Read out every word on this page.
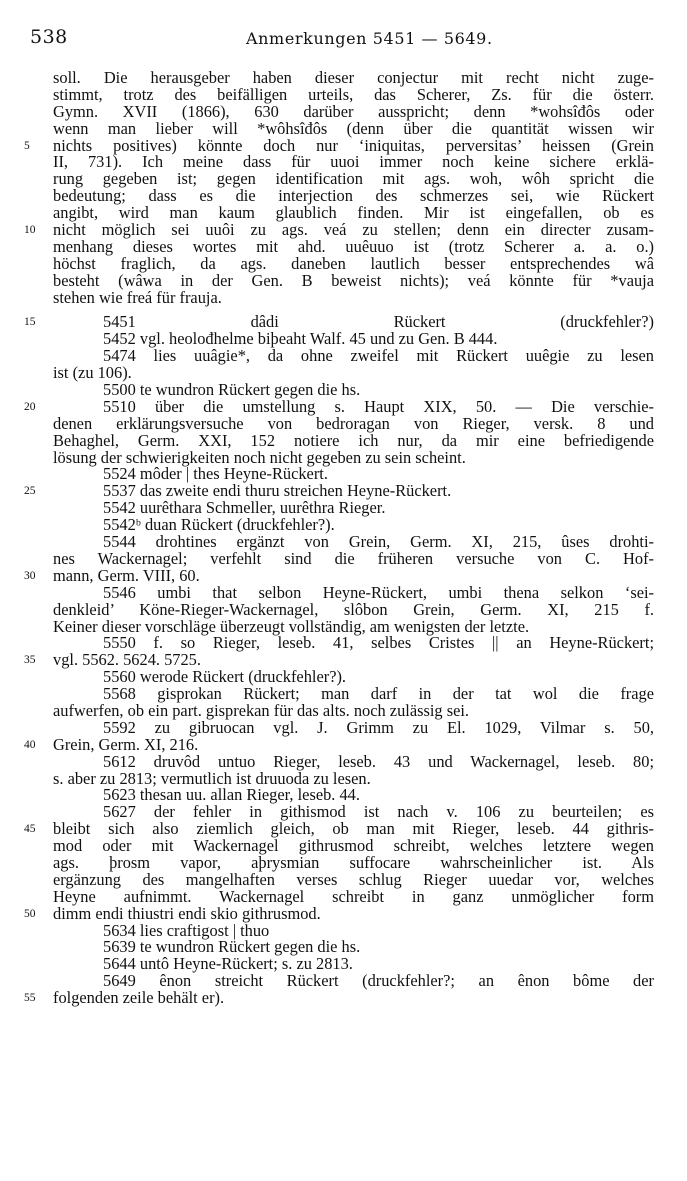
538	Anmerkungen 5451 — 5649.
soll. Die herausgeber haben dieser conjectur mit recht nicht zuge-
stimmt, trotz des beifälligen urteils, das Scherer, Zs. für die österr.
Gymn. XVII (1866), 630 darüber ausspricht; denn *wohsîđôs oder
wenn man lieber will *wôhsîđôs (denn über die quantität wissen wir
5	nichts positives) könnte doch nur ‘iniquitas, perversitas’ heissen (Grein
II, 731). Ich meine dass für uuoi immer noch keine sichere erklä-
rung gegeben ist; gegen identification mit ags. woh, wôh spricht die
bedeutung; dass es die interjection des schmerzes sei, wie Rückert
angibt, wird man kaum glaublich finden. Mir ist eingefallen, ob es
10	nicht möglich sei uuôi zu ags. veá zu stellen; denn ein directer zusam-
menhang dieses wortes mit ahd. uuêuuo ist (trotz Scherer a. a. o.)
höchst fraglich, da ags. daneben lautlich besser entsprechendes wâ
besteht (wâwa in der Gen. B beweist nichts); veá könnte für *vauja
stehen wie freá für frauja.
15	5451 dâdi Rückert (druckfehler?)
5452 vgl. heolođhelme biþeaht Walf. 45 und zu Gen. B 444.
5474 lies uuâgie*, da ohne zweifel mit Rückert uuêgie zu lesen
ist (zu 106).
5500 te wundron Rückert gegen die hs.
20	5510 über die umstellung s. Haupt XIX, 50. — Die verschie-
denen erklärungsversuche von bedroragan von Rieger, versk. 8 und
Behaghel, Germ. XXI, 152 notiere ich nur, da mir eine befriedigende
lösung der schwierigkeiten noch nicht gegeben zu sein scheint.
5524 môder | thes Heyne-Rückert.
25	5537 das zweite endi thuru streichen Heyne-Rückert.
5542 uurêthara Schmeller, uurêthra Rieger.
5542ᵇ duan Rückert (druckfehler?).
5544 drohtines ergänzt von Grein, Germ. XI, 215, ûses drohti-
nes Wackernagel; verfehlt sind die früheren versuche von C. Hof-
30	mann, Germ. VIII, 60.
5546 umbi that selbon Heyne-Rückert, umbi thena selkon ‘sei-
denkleid’ Köne-Rieger-Wackernagel, slôbon Grein, Germ. XI, 215 f.
Keiner dieser vorschläge überzeugt vollständig, am wenigsten der letzte.
5550 f. so Rieger, leseb. 41, selbes Cristes || an Heyne-Rückert;
35	vgl. 5562. 5624. 5725.
5560 werode Rückert (druckfehler?).
5568 gisprokan Rückert; man darf in der tat wol die frage
aufwerfen, ob ein part. gisprekan für das alts. noch zulässig sei.
5592 zu gibruocan vgl. J. Grimm zu El. 1029, Vilmar s. 50,
40	Grein, Germ. XI, 216.
5612 druvôd untuo Rieger, leseb. 43 und Wackernagel, leseb. 80;
s. aber zu 2813; vermutlich ist druuoda zu lesen.
5623 thesan uu. allan Rieger, leseb. 44.
5627 der fehler in githismod ist nach v. 106 zu beurteilen; es
45	bleibt sich also ziemlich gleich, ob man mit Rieger, leseb. 44 githris-
mod oder mit Wackernagel githrusmod schreibt, welches letztere wegen
ags. þrosm vapor, aþrysmian suffocare wahrscheinlicher ist. Als
ergänzung des mangelhaften verses schlug Rieger uuedar vor, welches
Heyne aufnimmt. Wackernagel schreibt in ganz unmöglicher form
50	dimm endi thiustri endi skio githrusmod.
5634 lies craftigost | thuo
5639 te wundron Rückert gegen die hs.
5644 untô Heyne-Rückert; s. zu 2813.
5649 ênon streicht Rückert (druckfehler?; an ênon bôme der
55	folgenden zeile behält er).
